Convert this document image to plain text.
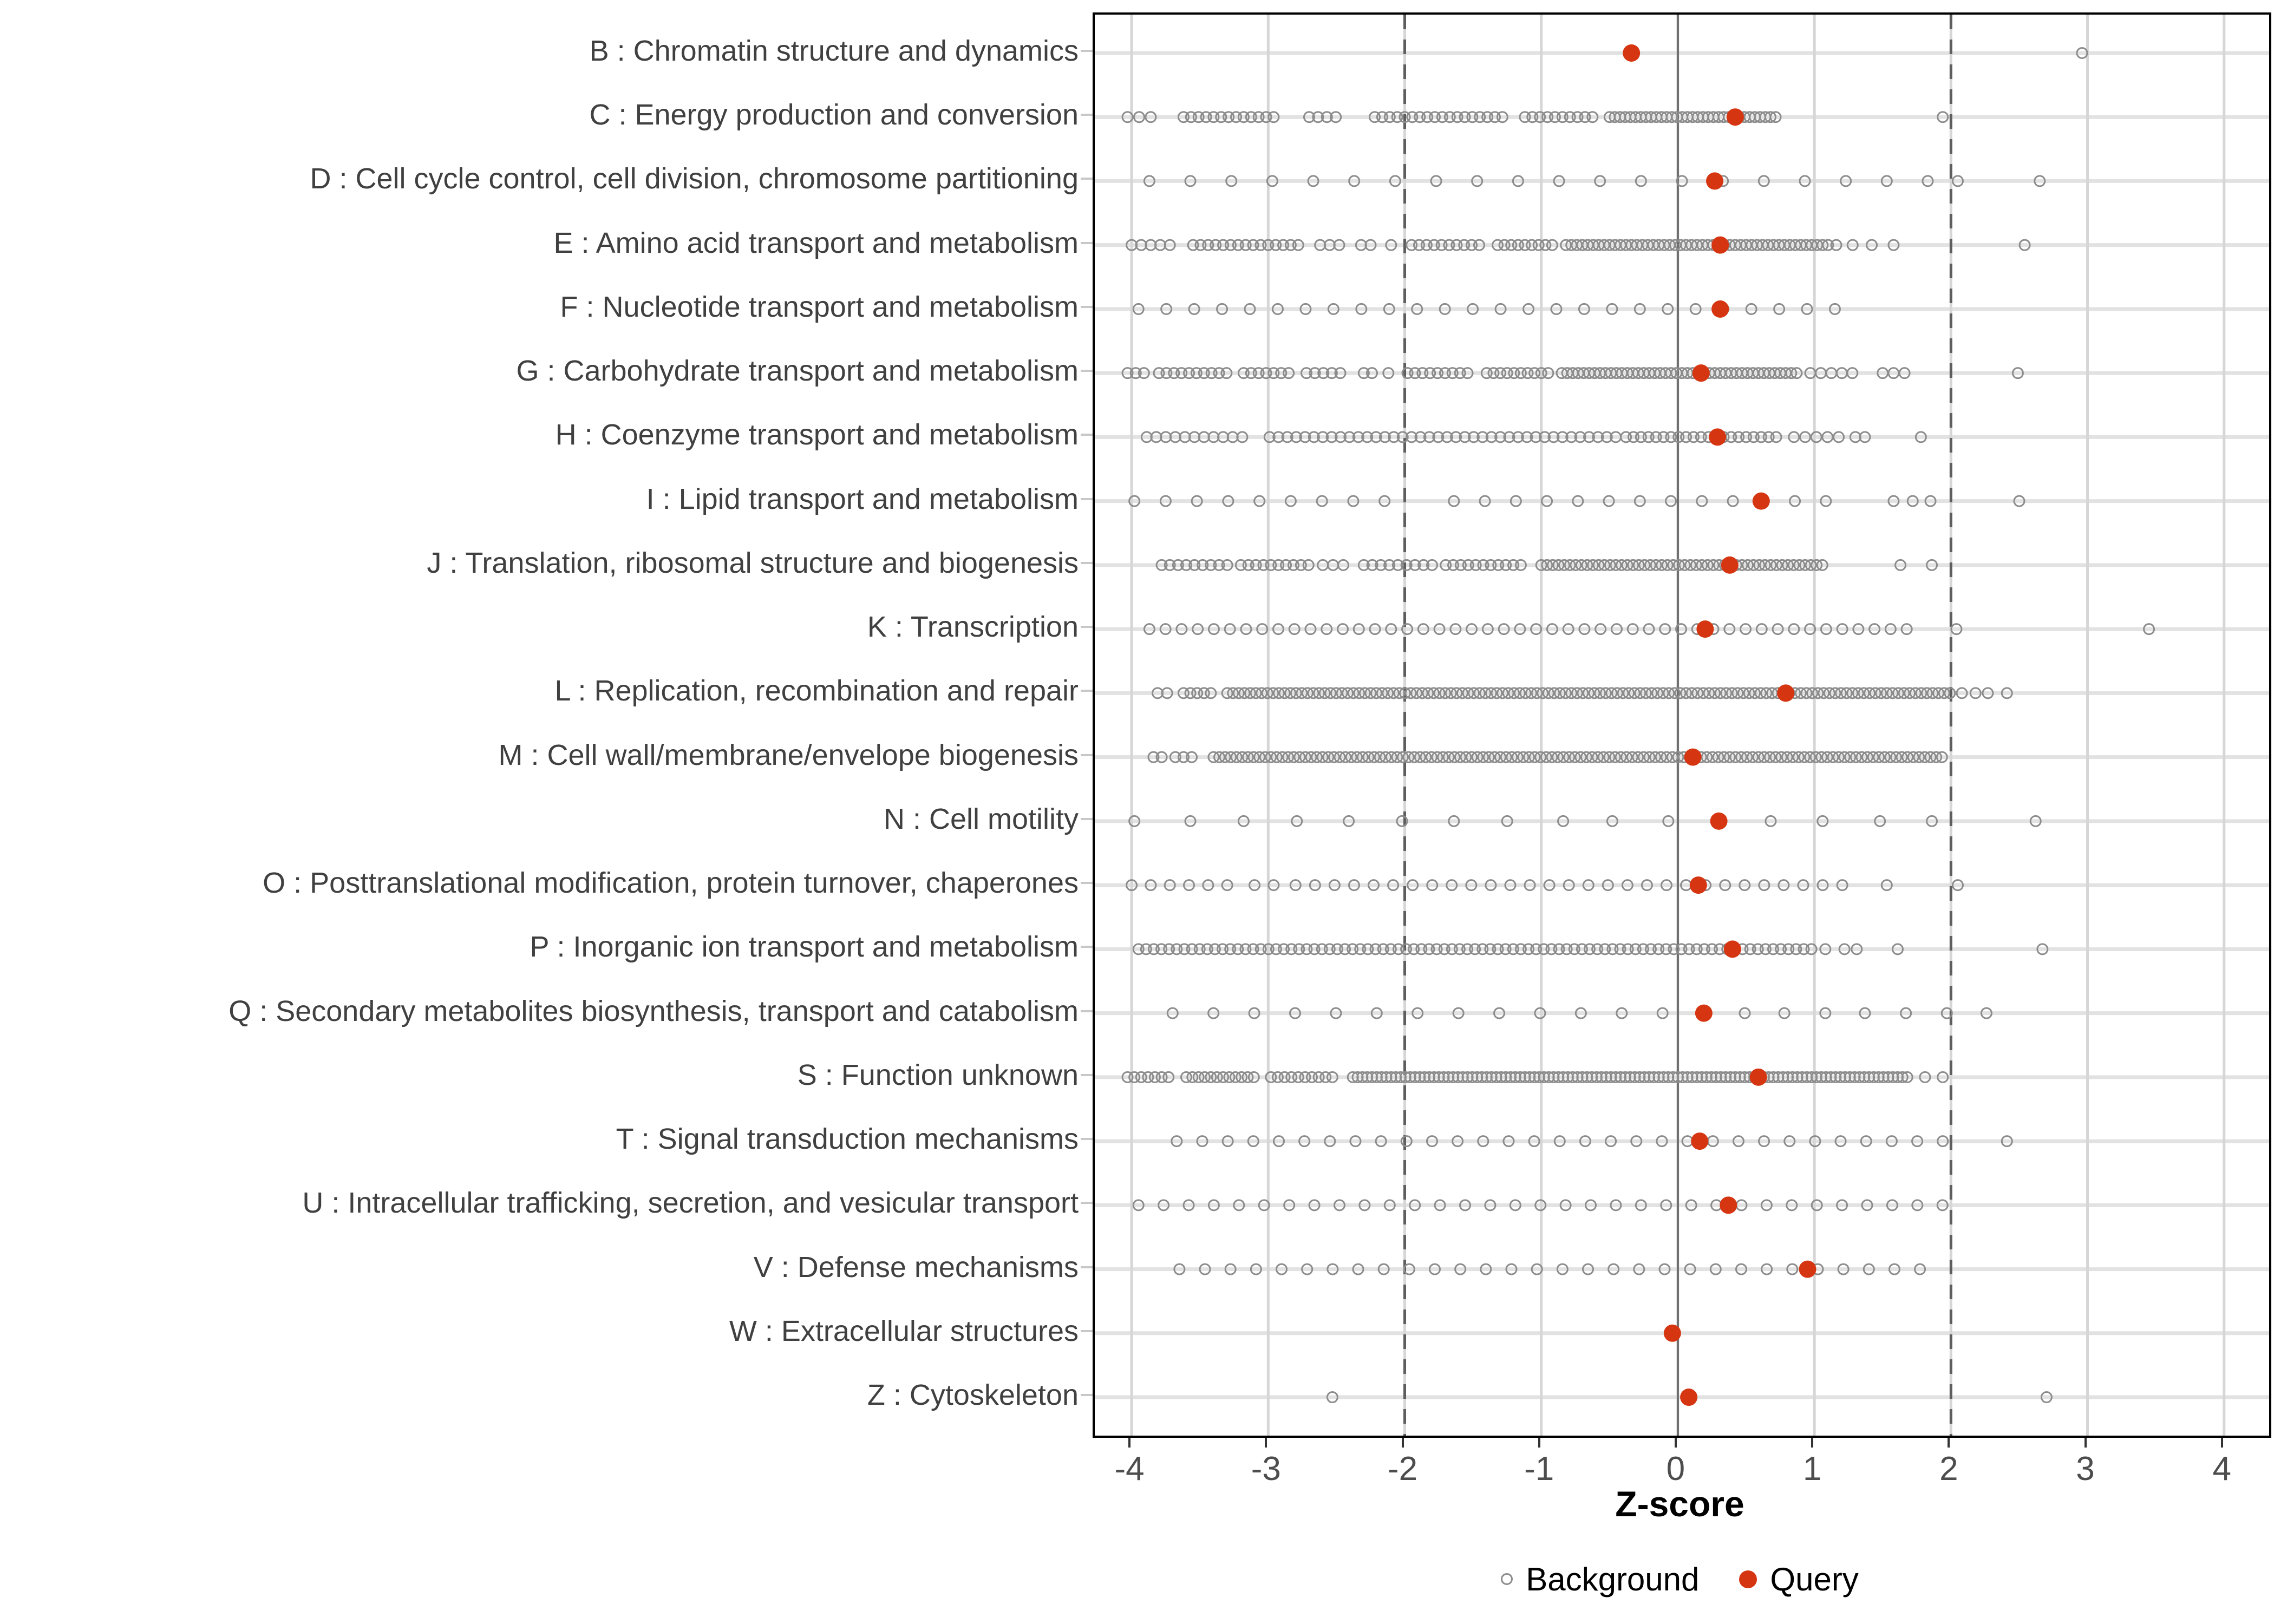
B : Chromatin structure and dynamics
C : Energy production and conversion
D : Cell cycle control, cell division, chromosome partitioning
E : Amino acid transport and metabolism
F : Nucleotide transport and metabolism
G : Carbohydrate transport and metabolism
H : Coenzyme transport and metabolism
I : Lipid transport and metabolism
J : Translation, ribosomal structure and biogenesis
K : Transcription
L : Replication, recombination and repair
M : Cell wall/membrane/envelope biogenesis
N : Cell motility
O : Posttranslational modification, protein turnover, chaperones
P : Inorganic ion transport and metabolism
Q : Secondary metabolites biosynthesis, transport and catabolism
S : Function unknown
T : Signal transduction mechanisms
U : Intracellular trafficking, secretion, and vesicular transport
V : Defense mechanisms
W : Extracellular structures
Z : Cytoskeleton
-4	-3	-2	-1	0	1	2	3	4
Z-score
Background Query
